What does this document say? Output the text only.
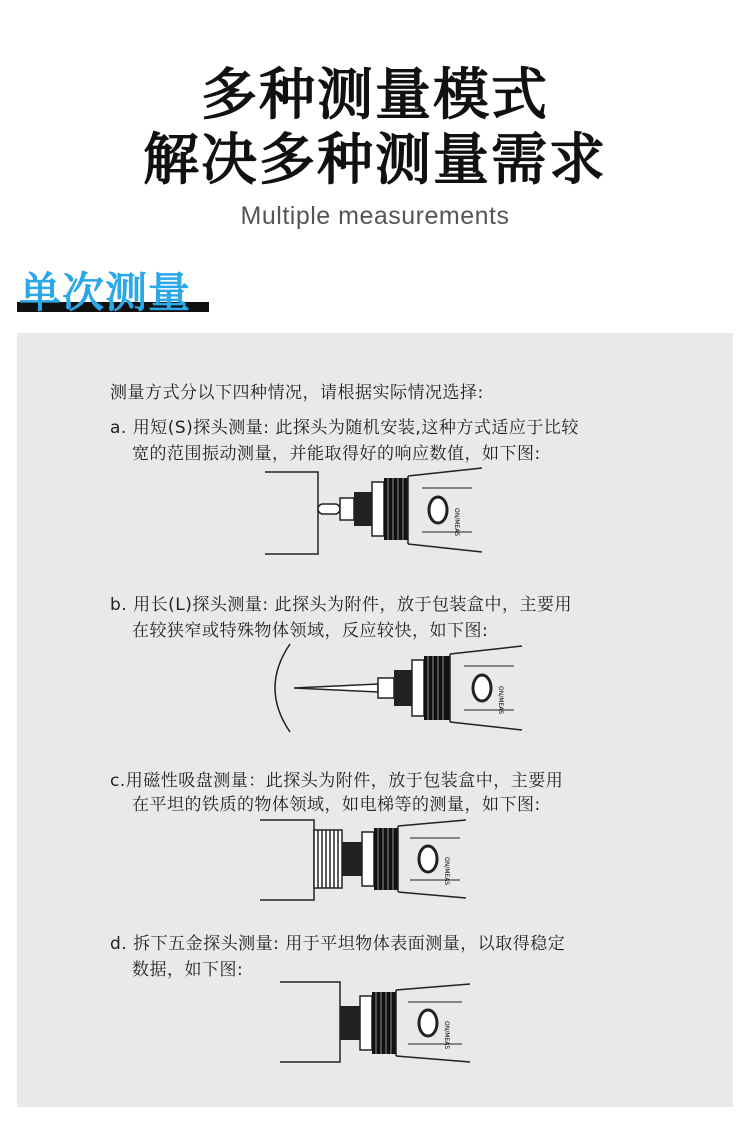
多种测量模式
解决多种测量需求
Multiple measurements
单次测量
测量方式分以下四种情况，请根据实际情况选择:
a. 用短(S)探头测量: 此探头为随机安装,这种方式适应于比较
宽的范围振动测量，并能取得好的响应数值，如下图:
ON/MEAS
b. 用长(L)探头测量: 此探头为附件，放于包装盒中，主要用
在较狭窄或特殊物体领域，反应较快，如下图:
ON/MEAS
c.用磁性吸盘测量：此探头为附件，放于包装盒中，主要用
在平坦的铁质的物体领域，如电梯等的测量，如下图:
ON/MEAS
d. 拆下五金探头测量: 用于平坦物体表面测量，以取得稳定
数据，如下图:
ON/MEAS
